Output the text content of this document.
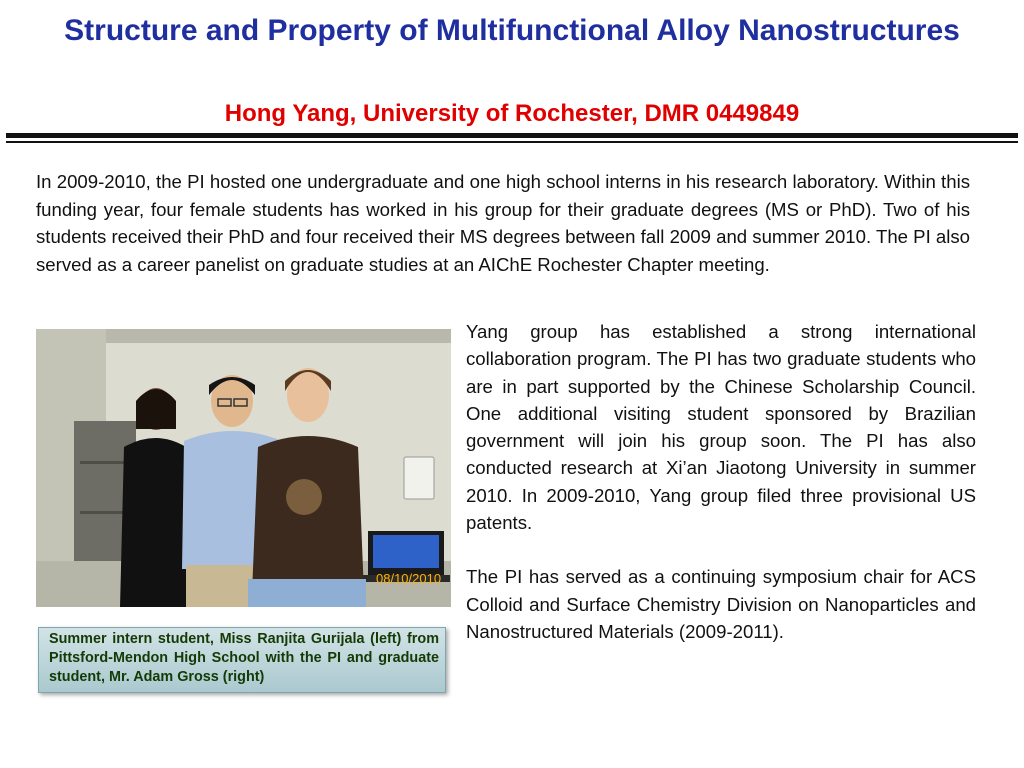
Structure and Property of Multifunctional Alloy Nanostructures
Hong Yang, University of Rochester, DMR 0449849

In 2009-2010, the PI hosted one undergraduate and one high school interns in his research laboratory. Within this funding year, four female students has worked in his group for their graduate degrees (MS or PhD). Two of his students received their PhD and four received their MS degrees between fall 2009 and summer 2010. The PI also served as a career panelist on graduate studies at an AIChE Rochester Chapter meeting.

08/10/2010
Summer intern student, Miss Ranjita Gurijala (left) from Pittsford-Mendon High School with the PI and graduate student, Mr. Adam Gross (right)

Yang group has established a strong international collaboration program. The PI has two graduate students who are in part supported by the Chinese Scholarship Council. One additional visiting student sponsored by Brazilian government will join his group soon. The PI has also conducted research at Xi’an Jiaotong University in summer 2010. In 2009-2010, Yang group filed three provisional US patents.

The PI has served as a continuing symposium chair for ACS Colloid and Surface Chemistry Division on Nanoparticles and Nanostructured Materials (2009-2011).
